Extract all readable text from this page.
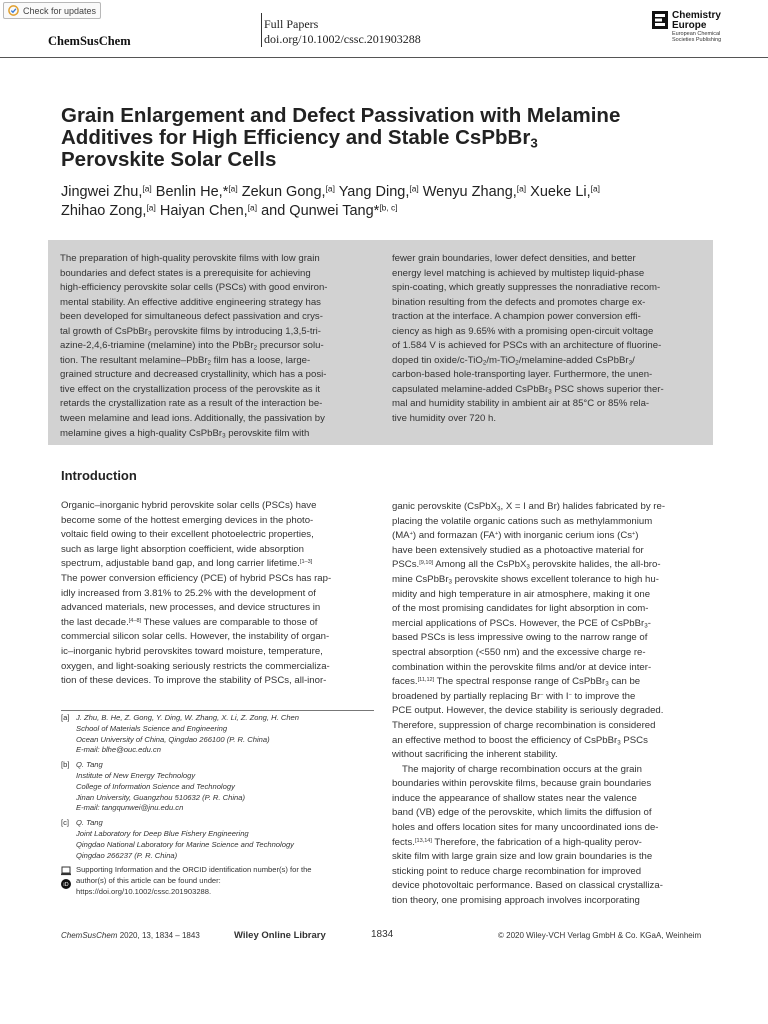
Check for updates
ChemSusChem
Full Papers
doi.org/10.1002/cssc.201903288
Chemistry
Europe
European Chemical
Societies Publishing
Grain Enlargement and Defect Passivation with Melamine
Additives for High Efficiency and Stable CsPbBr$_3$
Perovskite Solar Cells
Jingwei Zhu,[a] Benlin He,*[a] Zekun Gong,[a] Yang Ding,[a] Wenyu Zhang,[a] Xueke Li,[a]
Zhihao Zong,[a] Haiyan Chen,[a] and Qunwei Tang*[b, c]
The preparation of high-quality perovskite films with low grain
boundaries and defect states is a prerequisite for achieving
high-efficiency perovskite solar cells (PSCs) with good environ-
mental stability. An effective additive engineering strategy has
been developed for simultaneous defect passivation and crys-
tal growth of CsPbBr$_3$ perovskite films by introducing 1,3,5-tri-
azine-2,4,6-triamine (melamine) into the PbBr$_2$ precursor solu-
tion. The resultant melamine–PbBr$_2$ film has a loose, large-
grained structure and decreased crystallinity, which has a posi-
tive effect on the crystallization process of the perovskite as it
retards the crystallization rate as a result of the interaction be-
tween melamine and lead ions. Additionally, the passivation by
melamine gives a high-quality CsPbBr$_3$ perovskite film with
fewer grain boundaries, lower defect densities, and better
energy level matching is achieved by multistep liquid-phase
spin-coating, which greatly suppresses the nonradiative recom-
bination resulting from the defects and promotes charge ex-
traction at the interface. A champion power conversion effi-
ciency as high as 9.65% with a promising open-circuit voltage
of 1.584 V is achieved for PSCs with an architecture of fluorine-
doped tin oxide/c-TiO$_2$/m-TiO$_2$/melamine-added CsPbBr$_3$/
carbon-based hole-transporting layer. Furthermore, the unen-
capsulated melamine-added CsPbBr$_3$ PSC shows superior ther-
mal and humidity stability in ambient air at 85°C or 85% rela-
tive humidity over 720 h.
Introduction
Organic–inorganic hybrid perovskite solar cells (PSCs) have
become some of the hottest emerging devices in the photo-
voltaic field owing to their excellent photoelectric properties,
such as large light absorption coefficient, wide absorption
spectrum, adjustable band gap, and long carrier lifetime.[1–3]
The power conversion efficiency (PCE) of hybrid PSCs has rap-
idly increased from 3.81% to 25.2% with the development of
advanced materials, new processes, and device structures in
the last decade.[4–8] These values are comparable to those of
commercial silicon solar cells. However, the instability of organ-
ic–inorganic hybrid perovskites toward moisture, temperature,
oxygen, and light-soaking seriously restricts the commercializa-
tion of these devices. To improve the stability of PSCs, all-inor-
ganic perovskite (CsPbX$_3$, X = I and Br) halides fabricated by re-
placing the volatile organic cations such as methylammonium
(MA+) and formazan (FA+) with inorganic cerium ions (Cs+)
have been extensively studied as a photoactive material for
PSCs.[9,10] Among all the CsPbX$_3$ perovskite halides, the all-bro-
mine CsPbBr$_3$ perovskite shows excellent tolerance to high hu-
midity and high temperature in air atmosphere, making it one
of the most promising candidates for light absorption in com-
mercial applications of PSCs. However, the PCE of CsPbBr$_3$-
based PSCs is less impressive owing to the narrow range of
spectral absorption (<550 nm) and the excessive charge re-
combination within the perovskite films and/or at device inter-
faces.[11,12] The spectral response range of CsPbBr$_3$ can be
broadened by partially replacing Br− with I− to improve the
PCE output. However, the device stability is seriously degraded.
Therefore, suppression of charge recombination is considered
an effective method to boost the efficiency of CsPbBr$_3$ PSCs
without sacrificing the inherent stability.
The majority of charge recombination occurs at the grain
boundaries within perovskite films, because grain boundaries
induce the appearance of shallow states near the valence
band (VB) edge of the perovskite, which limits the diffusion of
holes and offers location sites for many uncoordinated ions de-
fects.[13,14] Therefore, the fabrication of a high-quality perov-
skite film with large grain size and low grain boundaries is the
sticking point to reduce charge recombination for improved
device photovoltaic performance. Based on classical crystalliza-
tion theory, one promising approach involves incorporating
[a] J. Zhu, B. He, Z. Gong, Y. Ding, W. Zhang, X. Li, Z. Zong, H. Chen
School of Materials Science and Engineering
Ocean University of China, Qingdao 266100 (P. R. China)
E-mail: blhe@ouc.edu.cn
[b] Q. Tang
Institute of New Energy Technology
College of Information Science and Technology
Jinan University, Guangzhou 510632 (P. R. China)
E-mail: tangqunwei@jnu.edu.cn
[c] Q. Tang
Joint Laboratory for Deep Blue Fishery Engineering
Qingdao National Laboratory for Marine Science and Technology
Qingdao 266237 (P. R. China)
iD
Supporting Information and the ORCID identification number(s) for the
author(s) of this article can be found under:
https://doi.org/10.1002/cssc.201903288.
ChemSusChem 2020, 13, 1834 – 1843	Wiley Online Library	1834	© 2020 Wiley-VCH Verlag GmbH & Co. KGaA, Weinheim
